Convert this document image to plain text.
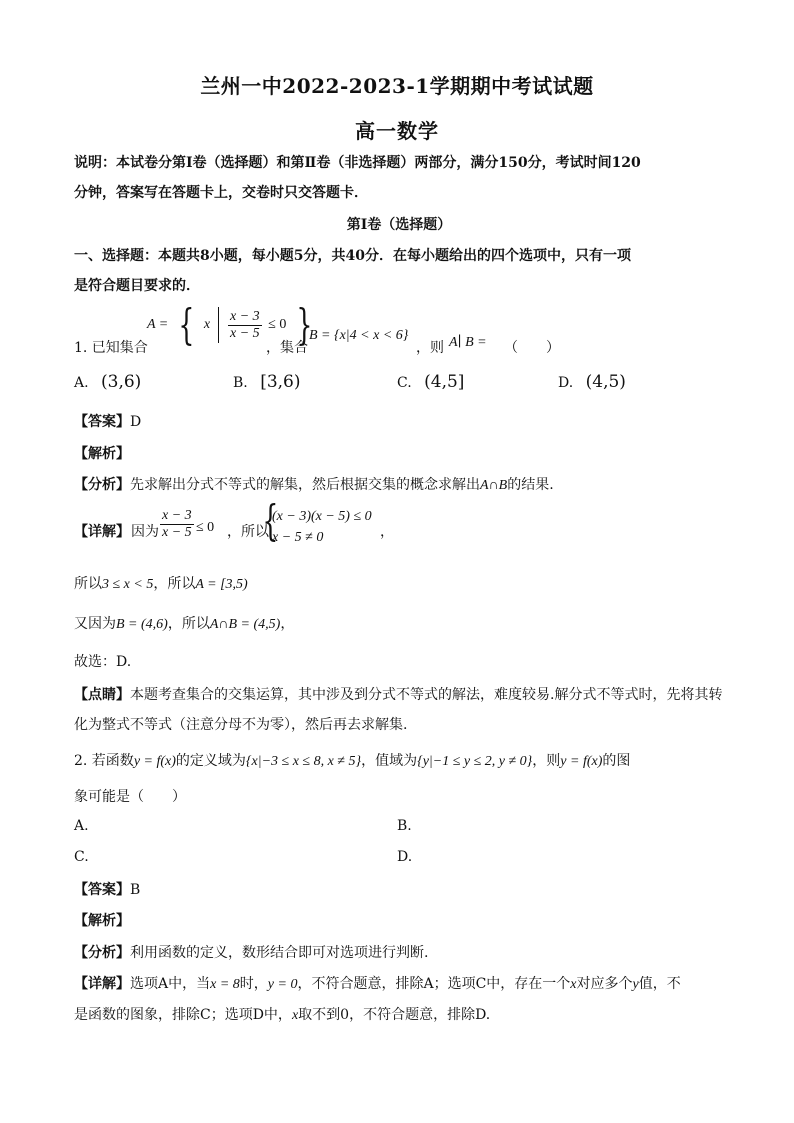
兰州一中2022-2023-1学期期中考试试题
高一数学
说明：本试卷分第Ⅰ卷（选择题）和第Ⅱ卷（非选择题）两部分，满分150分，考试时间120
分钟，答案写在答题卡上，交卷时只交答题卡．
第Ⅰ卷（选择题）
一、选择题：本题共8小题，每小题5分，共40分．在每小题给出的四个选项中，只有一项
是符合题目要求的．
1. 已知集合
A = { x $\frac{x - 3}{x - 5} \le 0$ }
，集合
B = {x|4 < x < 6}
，则 A∣ B = （　　）
A. (3,6)	B. [3,6)	C. (4,5]	D. (4,5)
【答案】D
【解析】
【分析】先求解出分式不等式的解集，然后根据交集的概念求解出A∩B的结果.
【详解】 因为 $\frac{x - 3}{x - 5} \le 0$ ，所以
{
(x − 3)(x − 5) ≤ 0
x − 5 ≠ 0	，
所以3 ≤ x < 5，所以A = [3,5)
又因为B = (4,6)，所以A∩B = (4,5)，
故选：D.
【点睛】本题考查集合的交集运算，其中涉及到分式不等式的解法，难度较易.解分式不等式时，先将其转
化为整式不等式（注意分母不为零），然后再去求解集.
2. 若函数y = f(x)的定义域为{x|−3 ≤ x ≤ 8, x ≠ 5}，值域为{y|−1 ≤ y ≤ 2, y ≠ 0}，则y = f(x)的图
象可能是（　　）
A.	B.
C.	D.
【答案】B
【解析】
【分析】利用函数的定义，数形结合即可对选项进行判断.
【详解】选项A中，当x = 8时，y = 0，不符合题意，排除A；选项C中，存在一个x对应多个y值，不
是函数的图象，排除C；选项D中，x取不到0，不符合题意，排除D.
